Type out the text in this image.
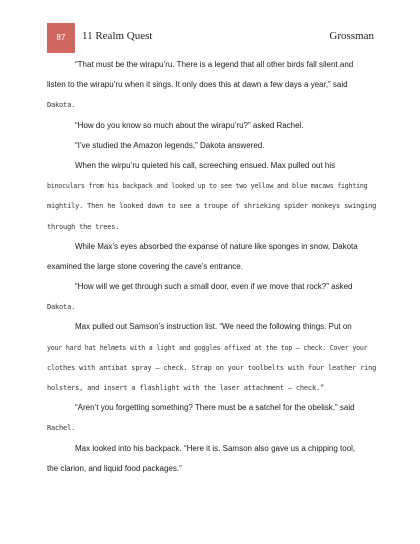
87	11 Realm Quest	Grossman
“That must be the wirapu’ru. There is a legend that all other birds fall silent and
listen to the wirapu’ru when it sings. It only does this at dawn a few days a year,” said
Dakota.
“How do you know so much about the wirapu’ru?” asked Rachel.
“I’ve studied the Amazon legends,” Dakota answered.
When the wirpu’ru quieted his call, screeching ensued. Max pulled out his
binoculars from his backpack and looked up to see two yellow and blue macaws fighting
mightily. Then he looked down to see a troupe of shrieking spider monkeys swinging
through the trees.
While Max’s eyes absorbed the expanse of nature like sponges in snow, Dakota
examined the large stone covering the cave’s entrance.
“How will we get through such a small door, even if we move that rock?” asked
Dakota.
Max pulled out Samson’s instruction list. “We need the following things. Put on
your hard hat helmets with a light and goggles affixed at the top – check. Cover your
clothes with antibat spray – check. Strap on your toolbelts with four leather ring
holsters, and insert a flashlight with the laser attachment – check.”
“Aren’t you forgetting something? There must be a satchel for the obelisk,” said
Rachel.
Max looked into his backpack. “Here it is. Samson also gave us a chipping tool,
the clarion, and liquid food packages.”
